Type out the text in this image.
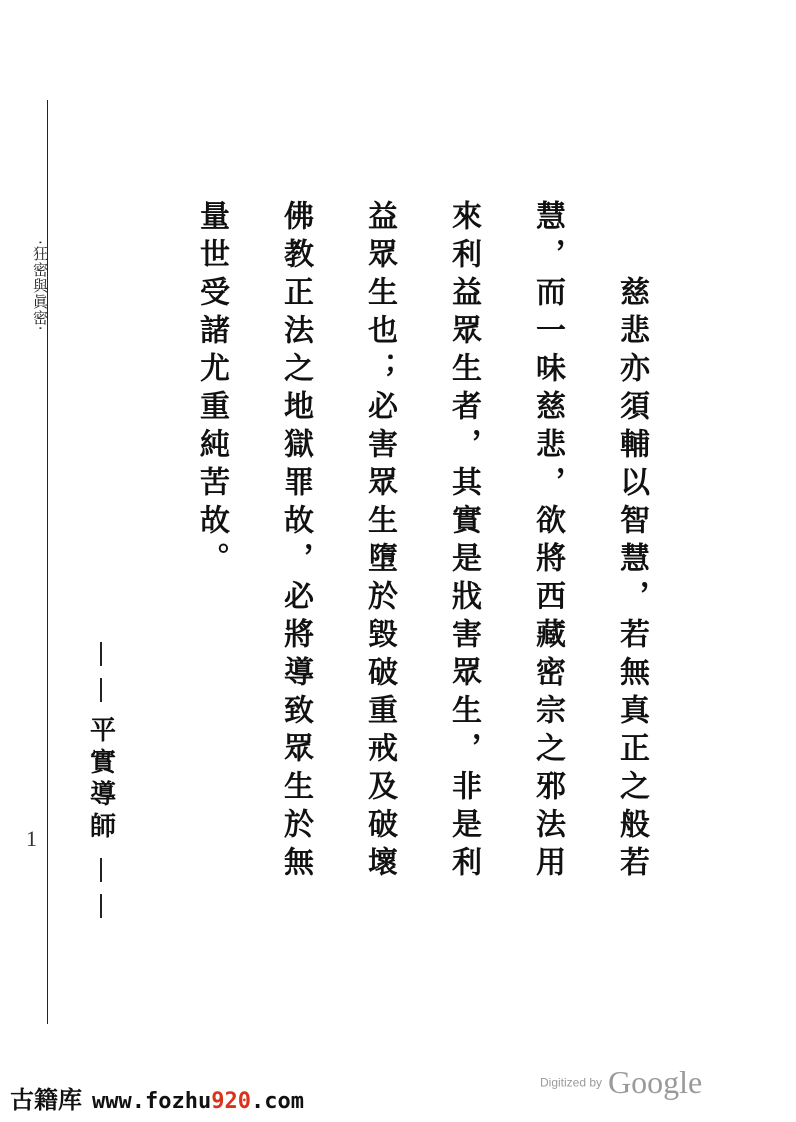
·狂密與眞密·
1	慈悲亦須輔以智慧，若無真正之般若
慧，而一味慈悲，欲將西藏密宗之邪法用
來利益眾生者，其實是戕害眾生，非是利
益眾生也；必害眾生墮於毀破重戒及破壞
佛教正法之地獄罪故，必將導致眾生於無
量世受諸尤重純苦故。
平實導師
古籍库 www.fozhu920.com
Digitized by Google
